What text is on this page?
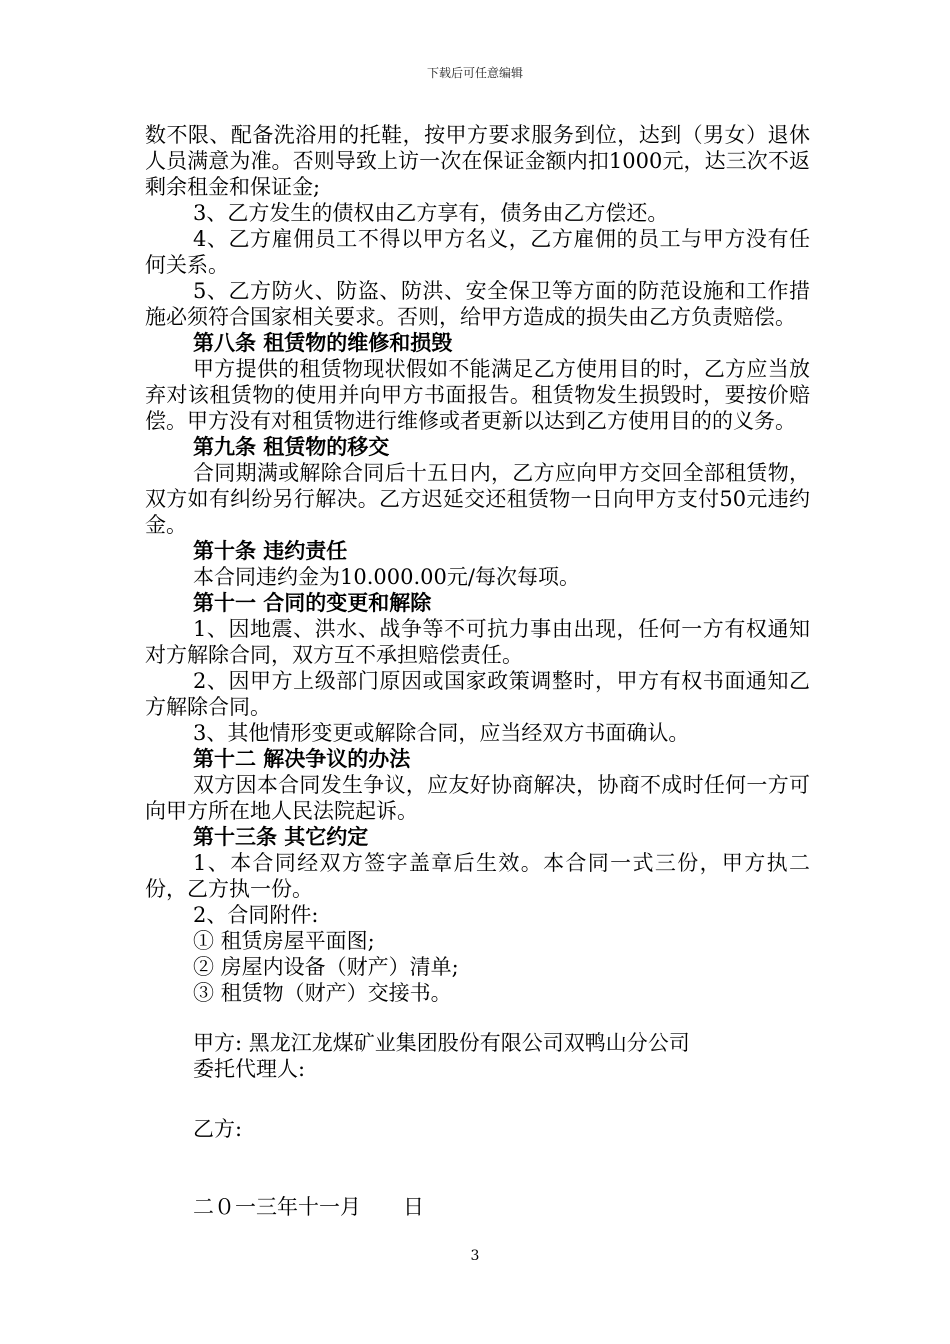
下载后可任意编辑

数不限、配备洗浴用的托鞋，按甲方要求服务到位，达到（男女）退休人员满意为准。否则导致上访一次在保证金额内扣1000元，达三次不返剩余租金和保证金;

3、乙方发生的债权由乙方享有，债务由乙方偿还。

4、乙方雇佣员工不得以甲方名义，乙方雇佣的员工与甲方没有任何关系。

5、乙方防火、防盗、防洪、安全保卫等方面的防范设施和工作措施必须符合国家相关要求。否则，给甲方造成的损失由乙方负责赔偿。

第八条 租赁物的维修和损毁

甲方提供的租赁物现状假如不能满足乙方使用目的时，乙方应当放弃对该租赁物的使用并向甲方书面报告。租赁物发生损毁时，要按价赔偿。甲方没有对租赁物进行维修或者更新以达到乙方使用目的的义务。

第九条 租赁物的移交

合同期满或解除合同后十五日内，乙方应向甲方交回全部租赁物，双方如有纠纷另行解决。乙方迟延交还租赁物一日向甲方支付50元违约金。

第十条 违约责任

本合同违约金为10.000.00元/每次每项。

第十一 合同的变更和解除

1、因地震、洪水、战争等不可抗力事由出现，任何一方有权通知对方解除合同，双方互不承担赔偿责任。

2、因甲方上级部门原因或国家政策调整时，甲方有权书面通知乙方解除合同。

3、其他情形变更或解除合同，应当经双方书面确认。

第十二 解决争议的办法

双方因本合同发生争议，应友好协商解决，协商不成时任何一方可向甲方所在地人民法院起诉。

第十三条 其它约定

1、本合同经双方签字盖章后生效。本合同一式三份，甲方执二份，乙方执一份。

2、合同附件:

① 租赁房屋平面图;

② 房屋内设备（财产）清单;

③ 租赁物（财产）交接书。

甲方: 黑龙江龙煤矿业集团股份有限公司双鸭山分公司

委托代理人:

乙方:

二０一三年十一月　　日

3
